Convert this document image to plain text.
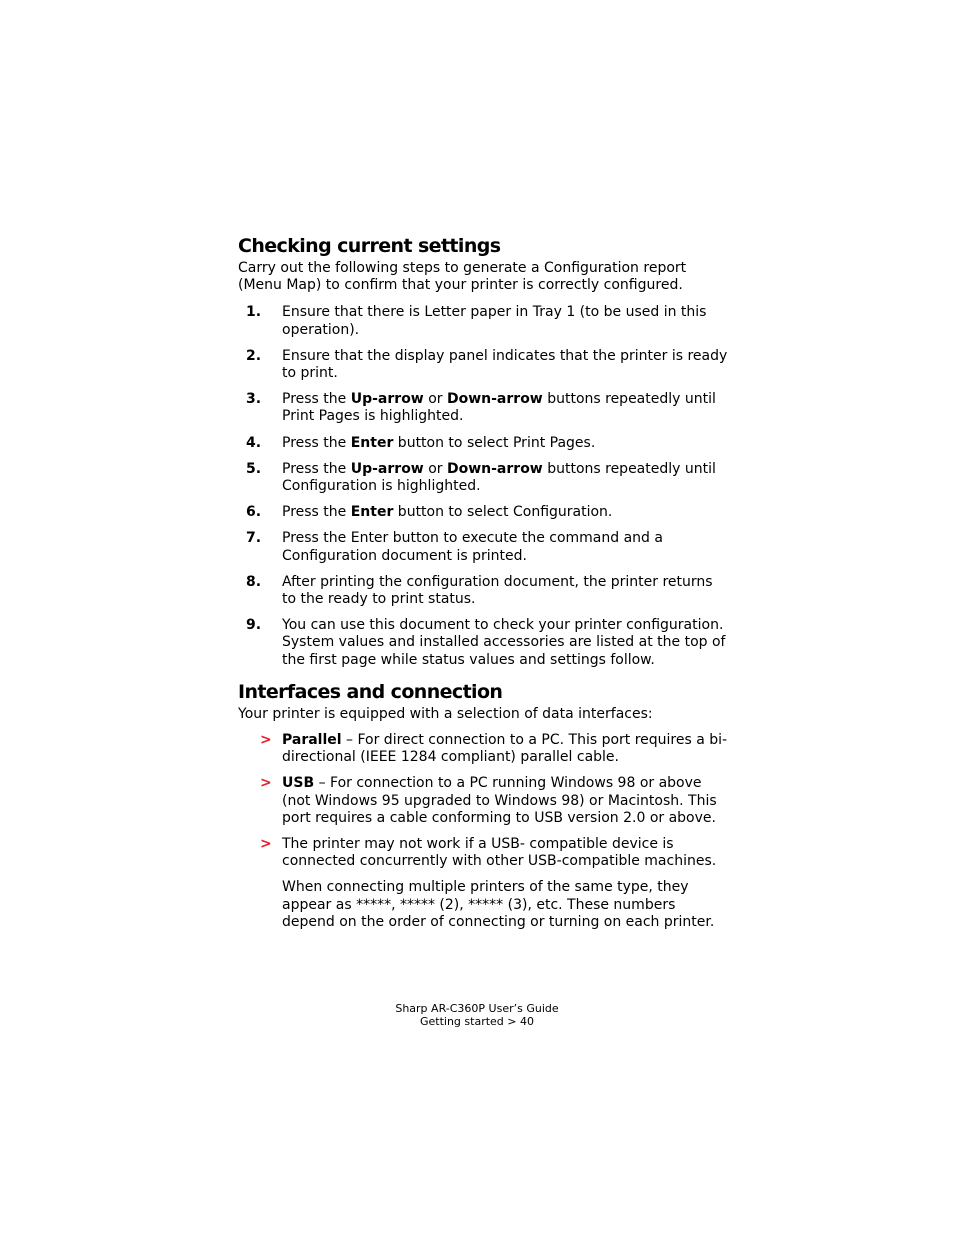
Checking current settings

Carry out the following steps to generate a Configuration report (Menu Map) to confirm that your printer is correctly configured.

1.	Ensure that there is Letter paper in Tray 1 (to be used in this operation).
2.	Ensure that the display panel indicates that the printer is ready to print.
3.	Press the Up-arrow or Down-arrow buttons repeatedly until Print Pages is highlighted.
4.	Press the Enter button to select Print Pages.
5.	Press the Up-arrow or Down-arrow buttons repeatedly until Configuration is highlighted.
6.	Press the Enter button to select Configuration.
7.	Press the Enter button to execute the command and a Configuration document is printed.
8.	After printing the configuration document, the printer returns to the ready to print status.
9.	You can use this document to check your printer configuration. System values and installed accessories are listed at the top of the first page while status values and settings follow.
Interfaces and connection

Your printer is equipped with a selection of data interfaces:

> Parallel – For direct connection to a PC. This port requires a bi-directional (IEEE 1284 compliant) parallel cable.
> USB – For connection to a PC running Windows 98 or above (not Windows 95 upgraded to Windows 98) or Macintosh. This port requires a cable conforming to USB version 2.0 or above.
> The printer may not work if a USB- compatible device is connected concurrently with other USB-compatible machines.

When connecting multiple printers of the same type, they appear as *****, ***** (2), ***** (3), etc. These numbers depend on the order of connecting or turning on each printer.

Sharp AR-C360P User’s Guide
Getting started > 40
